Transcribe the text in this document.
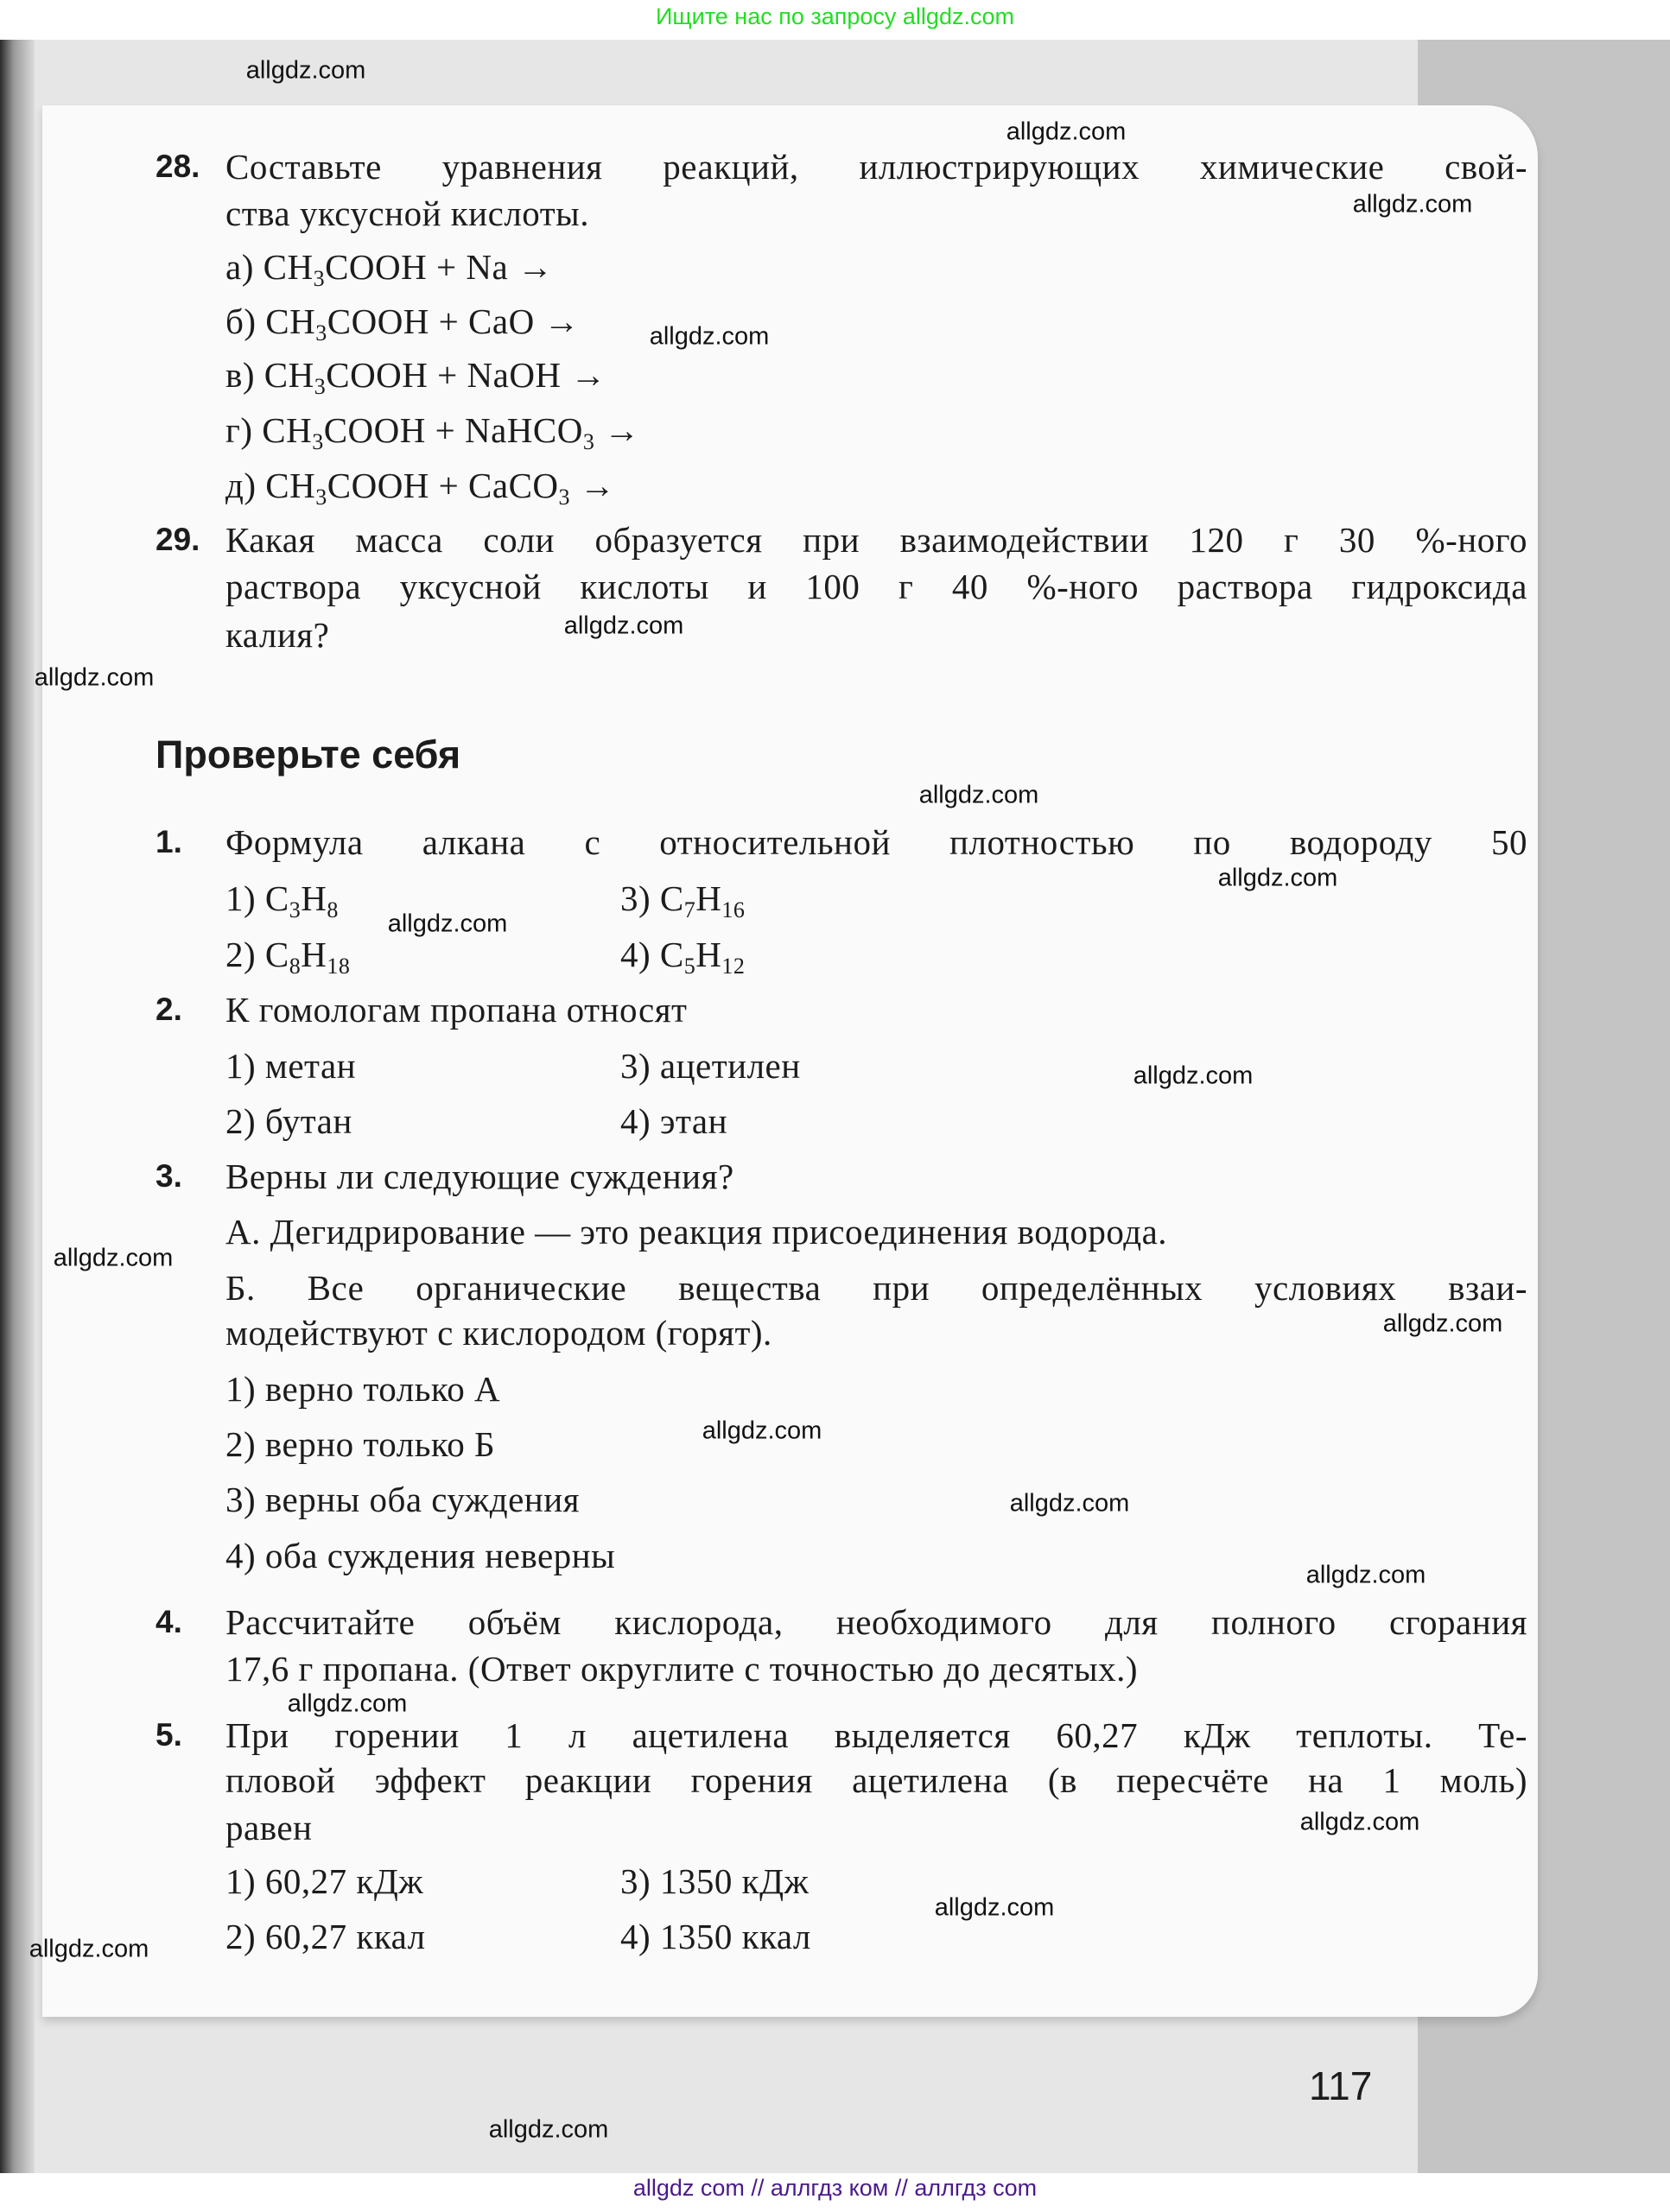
Ищите нас по запросу allgdz.com
28. Составьте уравнения реакций, иллюстрирующих химические свой-
ства уксусной кислоты.
а) $CH_3COOH + Na$ →
б) $CH_3COOH$ + CaO →
в) $CH_3COOH$ + NaOH →
г) $CH_3COOH$ + NaHCO$_3$ →
д) $CH_3COOH$ + CaCO$_3$ →
29. Какая масса соли образуется при взаимодействии 120 г 30 %-ного
раствора уксусной кислоты и 100 г 40 %-ного раствора гидроксида
калия?
Проверьте себя
1. Формула алкана с относительной плотностью по водороду 50
1) $C_3H_8$	3) $C_7H_{16}$
2) $C_8H_{18}$	4) $C_5H_{12}$
2. К гомологам пропана относят
1) метан	3) ацетилен
2) бутан	4) этан
3. Верны ли следующие суждения?
А. Дегидрирование — это реакция присоединения водорода.
Б. Все органические вещества при определённых условиях взаи-
модействуют с кислородом (горят).
1) верно только А
2) верно только Б
3) верны оба суждения
4) оба суждения неверны
4. Рассчитайте объём кислорода, необходимого для полного сгорания
17,6 г пропана. (Ответ округлите с точностью до десятых.)
5. При горении 1 л ацетилена выделяется 60,27 кДж теплоты. Те-
пловой эффект реакции горения ацетилена (в пересчёте на 1 моль)
равен
1) 60,27 кДж	3) 1350 кДж
2) 60,27 ккал	4) 1350 ккал
117
allgdz.com
allgdz.com
allgdz.com
allgdz.com
allgdz.com
allgdz.com
allgdz.com
allgdz.com
allgdz.com
allgdz.com
allgdz.com
allgdz.com
allgdz.com
allgdz.com
allgdz.com
allgdz.com
allgdz.com
allgdz.com
allgdz.com
allgdz.com
allgdz com // аллгдз ком // аллгдз com
